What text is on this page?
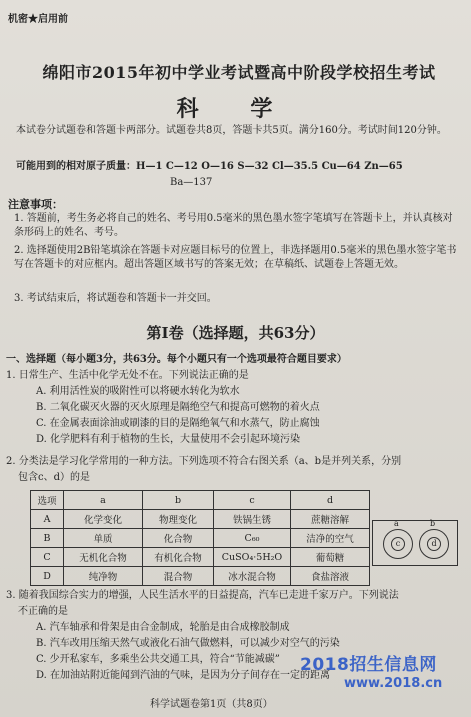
机密★启用前
绵阳市2015年初中学业考试暨高中阶段学校招生考试
科 学
本试卷分试题卷和答题卡两部分。试题卷共8页，答题卡共5页。满分160分。考试时间120分钟。
可能用到的相对原子质量：H—1 C—12 O—16 S—32 Cl—35.5 Cu—64 Zn—65
Ba—137
注意事项：
1. 答题前，考生务必将自己的姓名、考号用0.5毫米的黑色墨水签字笔填写在答题卡上，并认真核对条形码上的姓名、考号。
2. 选择题使用2B铅笔填涂在答题卡对应题目标号的位置上，非选择题用0.5毫米的黑色墨水签字笔书写在答题卡的对应框内。超出答题区域书写的答案无效；在草稿纸、试题卷上答题无效。
3. 考试结束后，将试题卷和答题卡一并交回。
第Ⅰ卷（选择题，共63分）
一、选择题（每小题3分，共63分。每个小题只有一个选项最符合题目要求）
1. 日常生产、生活中化学无处不在。下列说法正确的是
A. 利用活性炭的吸附性可以将硬水转化为软水
B. 二氧化碳灭火器的灭火原理是隔绝空气和提高可燃物的着火点
C. 在金属表面涂油或刷漆的目的是隔绝氧气和水蒸气，防止腐蚀
D. 化学肥料有利于植物的生长，大量使用不会引起环境污染
2. 分类法是学习化学常用的一种方法。下列选项不符合右图关系（a、b是并列关系，分别
包含c、d）的是
选项	a	b	c	d
A	化学变化	物理变化	铁锅生锈	蔗糖溶解
B	单质	化合物	C₆₀	洁净的空气
C	无机化合物	有机化合物	CuSO₄·5H₂O	葡萄糖
D	纯净物	混合物	冰水混合物	食盐溶液
a
c
b
d
3. 随着我国综合实力的增强，人民生活水平的日益提高，汽车已走进千家万户。下列说法
不正确的是
A. 汽车轴承和骨架是由合金制成，轮胎是由合成橡胶制成
B. 汽车改用压缩天然气或液化石油气做燃料，可以减少对空气的污染
C. 少开私家车，多乘坐公共交通工具，符合“节能减碳”
D. 在加油站附近能闻到汽油的气味，是因为分子间存在一定的距离
科学试题卷第1页（共8页）
2018招生信息网
www.2018.cn
